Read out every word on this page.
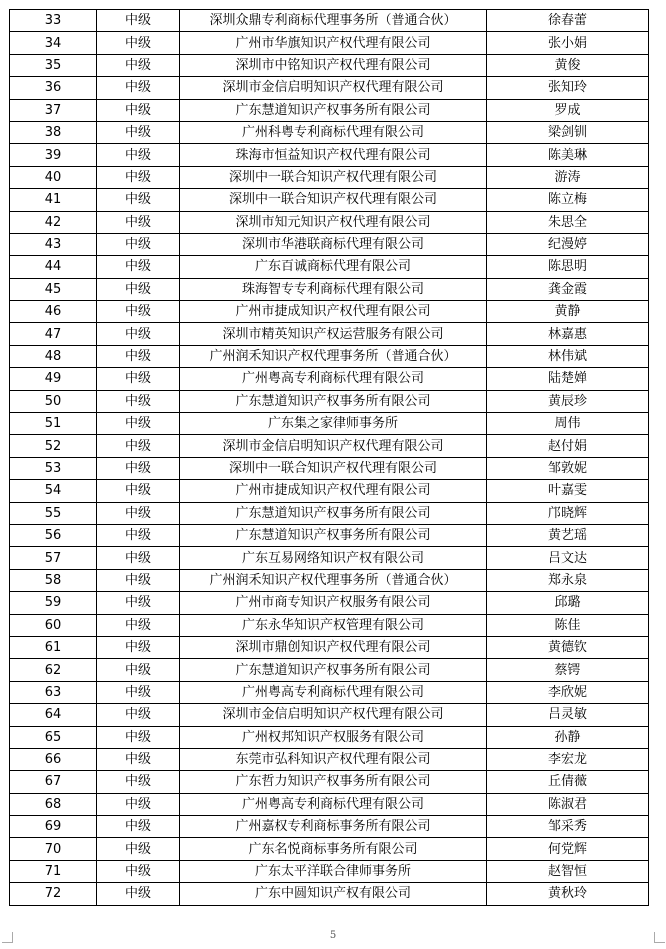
33	中级	深圳众鼎专利商标代理事务所（普通合伙）	徐春蕾
34	中级	广州市华旗知识产权代理有限公司	张小娟
35	中级	深圳市中铭知识产权代理有限公司	黄俊
36	中级	深圳市金信启明知识产权代理有限公司	张知玲
37	中级	广东慧道知识产权事务所有限公司	罗成
38	中级	广州科粤专利商标代理有限公司	梁剑钏
39	中级	珠海市恒益知识产权代理有限公司	陈美琳
40	中级	深圳中一联合知识产权代理有限公司	游涛
41	中级	深圳中一联合知识产权代理有限公司	陈立梅
42	中级	深圳市知元知识产权代理有限公司	朱思全
43	中级	深圳市华港联商标代理有限公司	纪漫婷
44	中级	广东百诚商标代理有限公司	陈思明
45	中级	珠海智专专利商标代理有限公司	龚金霞
46	中级	广州市捷成知识产权代理有限公司	黄静
47	中级	深圳市精英知识产权运营服务有限公司	林嘉惠
48	中级	广州润禾知识产权代理事务所（普通合伙）	林伟斌
49	中级	广州粤高专利商标代理有限公司	陆楚婵
50	中级	广东慧道知识产权事务所有限公司	黄辰珍
51	中级	广东集之家律师事务所	周伟
52	中级	深圳市金信启明知识产权代理有限公司	赵付娟
53	中级	深圳中一联合知识产权代理有限公司	邹敦妮
54	中级	广州市捷成知识产权代理有限公司	叶嘉雯
55	中级	广东慧道知识产权事务所有限公司	邝晓辉
56	中级	广东慧道知识产权事务所有限公司	黄艺瑶
57	中级	广东互易网络知识产权有限公司	吕文达
58	中级	广州润禾知识产权代理事务所（普通合伙）	郑永泉
59	中级	广州市商专知识产权服务有限公司	邱璐
60	中级	广东永华知识产权管理有限公司	陈佳
61	中级	深圳市鼎创知识产权代理有限公司	黄德钦
62	中级	广东慧道知识产权事务所有限公司	蔡锷
63	中级	广州粤高专利商标代理有限公司	李欣妮
64	中级	深圳市金信启明知识产权代理有限公司	吕灵敏
65	中级	广州权邦知识产权服务有限公司	孙静
66	中级	东莞市弘科知识产权代理有限公司	李宏龙
67	中级	广东哲力知识产权事务所有限公司	丘倩薇
68	中级	广州粤高专利商标代理有限公司	陈淑君
69	中级	广州嘉权专利商标事务所有限公司	邹采秀
70	中级	广东名悦商标事务所有限公司	何党辉
71	中级	广东太平洋联合律师事务所	赵智恒
72	中级	广东中圆知识产权有限公司	黄秋玲
5
